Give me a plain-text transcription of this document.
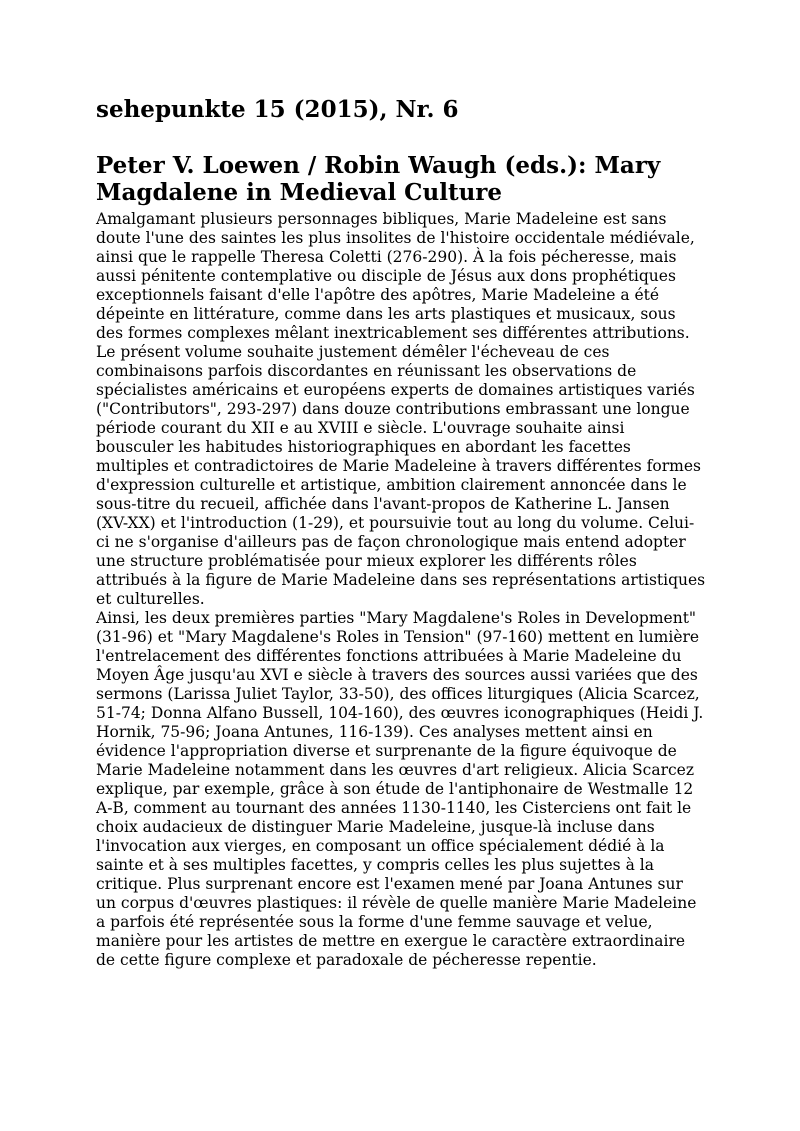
sehepunkte 15 (2015), Nr. 6
Peter V. Loewen / Robin Waugh (eds.): Mary Magdalene in Medieval Culture

Amalgamant plusieurs personnages bibliques, Marie Madeleine est sans doute l'une des saintes les plus insolites de l'histoire occidentale médiévale, ainsi que le rappelle Theresa Coletti (276-290). À la fois pécheresse, mais aussi pénitente contemplative ou disciple de Jésus aux dons prophétiques exceptionnels faisant d'elle l'apôtre des apôtres, Marie Madeleine a été dépeinte en littérature, comme dans les arts plastiques et musicaux, sous des formes complexes mêlant inextricablement ses différentes attributions.

Le présent volume souhaite justement démêler l'écheveau de ces combinaisons parfois discordantes en réunissant les observations de spécialistes américains et européens experts de domaines artistiques variés ("Contributors", 293-297) dans douze contributions embrassant une longue période courant du XII e au XVIII e siècle. L'ouvrage souhaite ainsi bousculer les habitudes historiographiques en abordant les facettes multiples et contradictoires de Marie Madeleine à travers différentes formes d'expression culturelle et artistique, ambition clairement annoncée dans le sous-titre du recueil, affichée dans l'avant-propos de Katherine L. Jansen (XV-XX) et l'introduction (1-29), et poursuivie tout au long du volume. Celui-ci ne s'organise d'ailleurs pas de façon chronologique mais entend adopter une structure problématisée pour mieux explorer les différents rôles attribués à la figure de Marie Madeleine dans ses représentations artistiques et culturelles.

Ainsi, les deux premières parties "Mary Magdalene's Roles in Development" (31-96) et "Mary Magdalene's Roles in Tension" (97-160) mettent en lumière l'entrelacement des différentes fonctions attribuées à Marie Madeleine du Moyen Âge jusqu'au XVI e siècle à travers des sources aussi variées que des sermons (Larissa Juliet Taylor, 33-50), des offices liturgiques (Alicia Scarcez, 51-74; Donna Alfano Bussell, 104-160), des œuvres iconographiques (Heidi J. Hornik, 75-96; Joana Antunes, 116-139). Ces analyses mettent ainsi en évidence l'appropriation diverse et surprenante de la figure équivoque de Marie Madeleine notamment dans les œuvres d'art religieux. Alicia Scarcez explique, par exemple, grâce à son étude de l'antiphonaire de Westmalle 12 A-B, comment au tournant des années 1130-1140, les Cisterciens ont fait le choix audacieux de distinguer Marie Madeleine, jusque-là incluse dans l'invocation aux vierges, en composant un office spécialement dédié à la sainte et à ses multiples facettes, y compris celles les plus sujettes à la critique. Plus surprenant encore est l'examen mené par Joana Antunes sur un corpus d'œuvres plastiques: il révèle de quelle manière Marie Madeleine a parfois été représentée sous la forme d'une femme sauvage et velue, manière pour les artistes de mettre en exergue le caractère extraordinaire de cette figure complexe et paradoxale de pécheresse repentie.
